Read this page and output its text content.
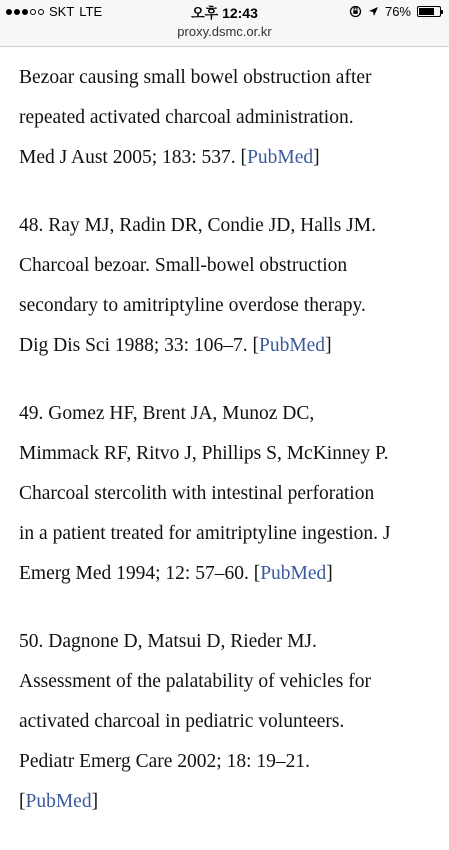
SKT LTE	오후 12:43	76%
proxy.dsmc.or.kr
Bezoar causing small bowel obstruction after
repeated activated charcoal administration.
Med J Aust 2005; 183: 537. [PubMed]
48. Ray MJ, Radin DR, Condie JD, Halls JM.
Charcoal bezoar. Small-bowel obstruction
secondary to amitriptyline overdose therapy.
Dig Dis Sci 1988; 33: 106–7. [PubMed]
49. Gomez HF, Brent JA, Munoz DC,
Mimmack RF, Ritvo J, Phillips S, McKinney P.
Charcoal stercolith with intestinal perforation
in a patient treated for amitriptyline ingestion. J
Emerg Med 1994; 12: 57–60. [PubMed]
50. Dagnone D, Matsui D, Rieder MJ.
Assessment of the palatability of vehicles for
activated charcoal in pediatric volunteers.
Pediatr Emerg Care 2002; 18: 19–21.
[PubMed]
